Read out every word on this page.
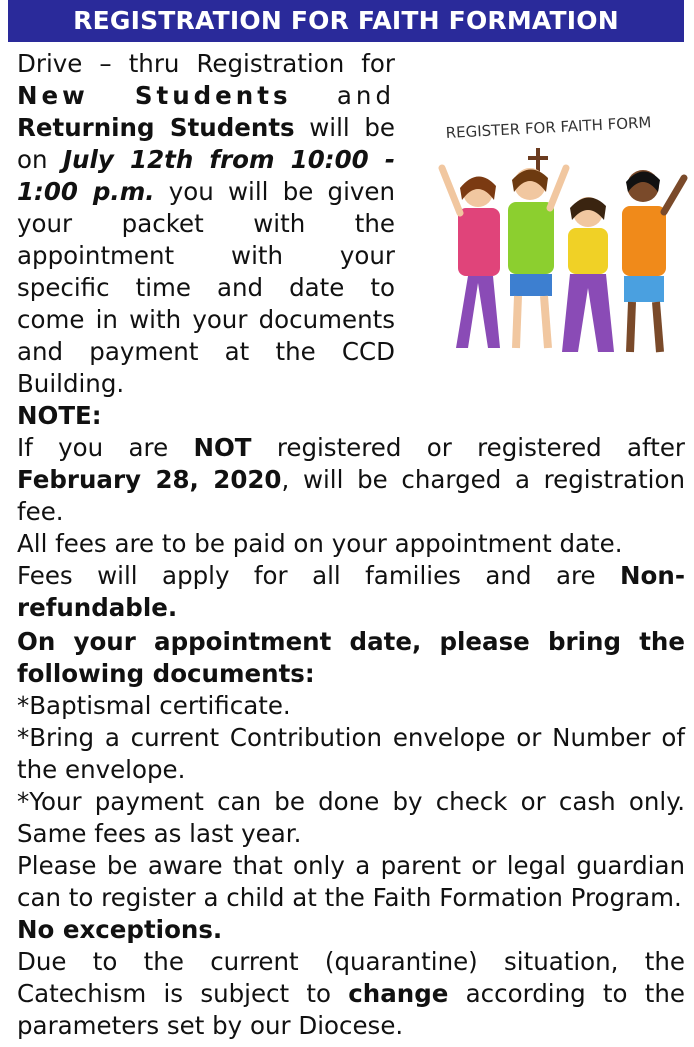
REGISTRATION FOR FAITH FORMATION
Drive – thru Registration for New Students and Returning Students will be on July 12th from 10:00 - 1:00 p.m. you will be given your packet with the appointment with your specific time and date to come in with your documents and payment at the CCD Building.
REGISTER FOR FAITH FORM
NOTE:
If you are NOT registered or registered after February 28, 2020, will be charged a registration fee.
All fees are to be paid on your appointment date.
Fees will apply for all families and are Non-refundable.
On your appointment date, please bring the following documents:
*Baptismal certificate.
*Bring a current Contribution envelope or Number of the envelope.
*Your payment can be done by check or cash only. Same fees as last year.
Please be aware that only a parent or legal guardian can to register a child at the Faith Formation Program.
No exceptions.
Due to the current (quarantine) situation, the Catechism is subject to change according to the parameters set by our Diocese.
